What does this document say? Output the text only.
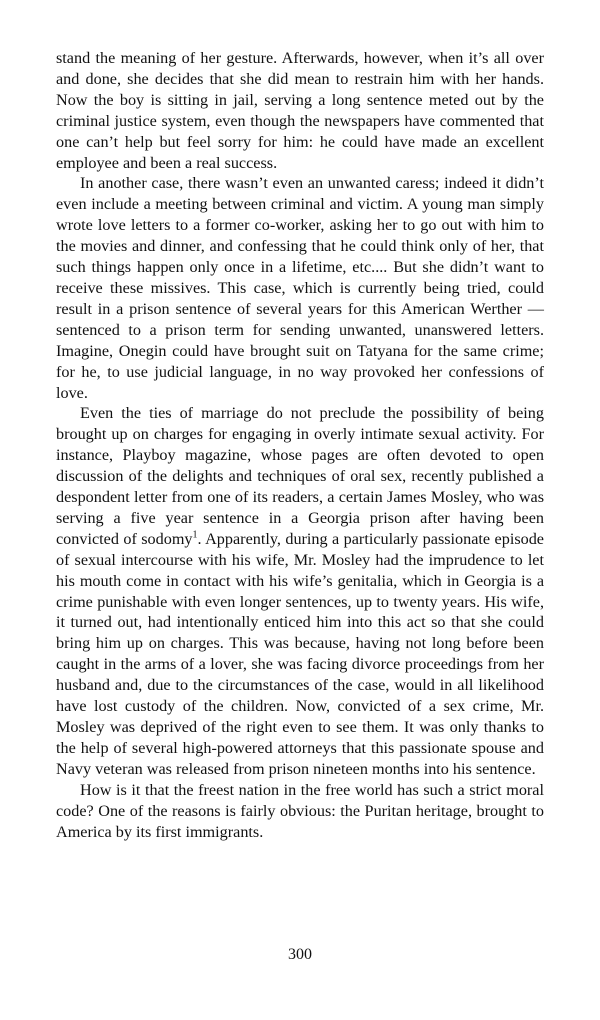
stand the meaning of her gesture. Afterwards, however, when it’s all over and done, she decides that she did mean to restrain him with her hands. Now the boy is sitting in jail, serving a long sentence meted out by the criminal justice system, even though the newspapers have commented that one can’t help but feel sorry for him: he could have made an excellent employee and been a real success.

In another case, there wasn’t even an unwanted caress; indeed it didn’t even include a meeting between criminal and victim. A young man simply wrote love letters to a former co-worker, asking her to go out with him to the movies and dinner, and confessing that he could think only of her, that such things happen only once in a lifetime, etc.... But she didn’t want to receive these missives. This case, which is currently being tried, could result in a prison sentence of several years for this American Werther — sentenced to a prison term for sending unwanted, unanswered letters. Imagine, Onegin could have brought suit on Tatyana for the same crime; for he, to use judicial language, in no way provoked her confessions of love.

Even the ties of marriage do not preclude the possibility of being brought up on charges for engaging in overly intimate sexual activity. For instance, Playboy magazine, whose pages are often devoted to open discussion of the delights and techniques of oral sex, recently published a despondent letter from one of its readers, a certain James Mosley, who was serving a five year sentence in a Georgia prison after having been convicted of sodomy$^1$. Apparently, during a particularly passionate episode of sexual intercourse with his wife, Mr. Mosley had the imprudence to let his mouth come in contact with his wife’s genitalia, which in Georgia is a crime punishable with even longer sentences, up to twenty years. His wife, it turned out, had intentionally enticed him into this act so that she could bring him up on charges. This was because, having not long before been caught in the arms of a lover, she was facing divorce proceedings from her husband and, due to the circumstances of the case, would in all likelihood have lost custody of the children. Now, convicted of a sex crime, Mr. Mosley was deprived of the right even to see them. It was only thanks to the help of several high-powered attorneys that this passionate spouse and Navy veteran was released from prison nineteen months into his sentence.

How is it that the freest nation in the free world has such a strict moral code? One of the reasons is fairly obvious: the Puritan heritage, brought to America by its first immigrants.

300
